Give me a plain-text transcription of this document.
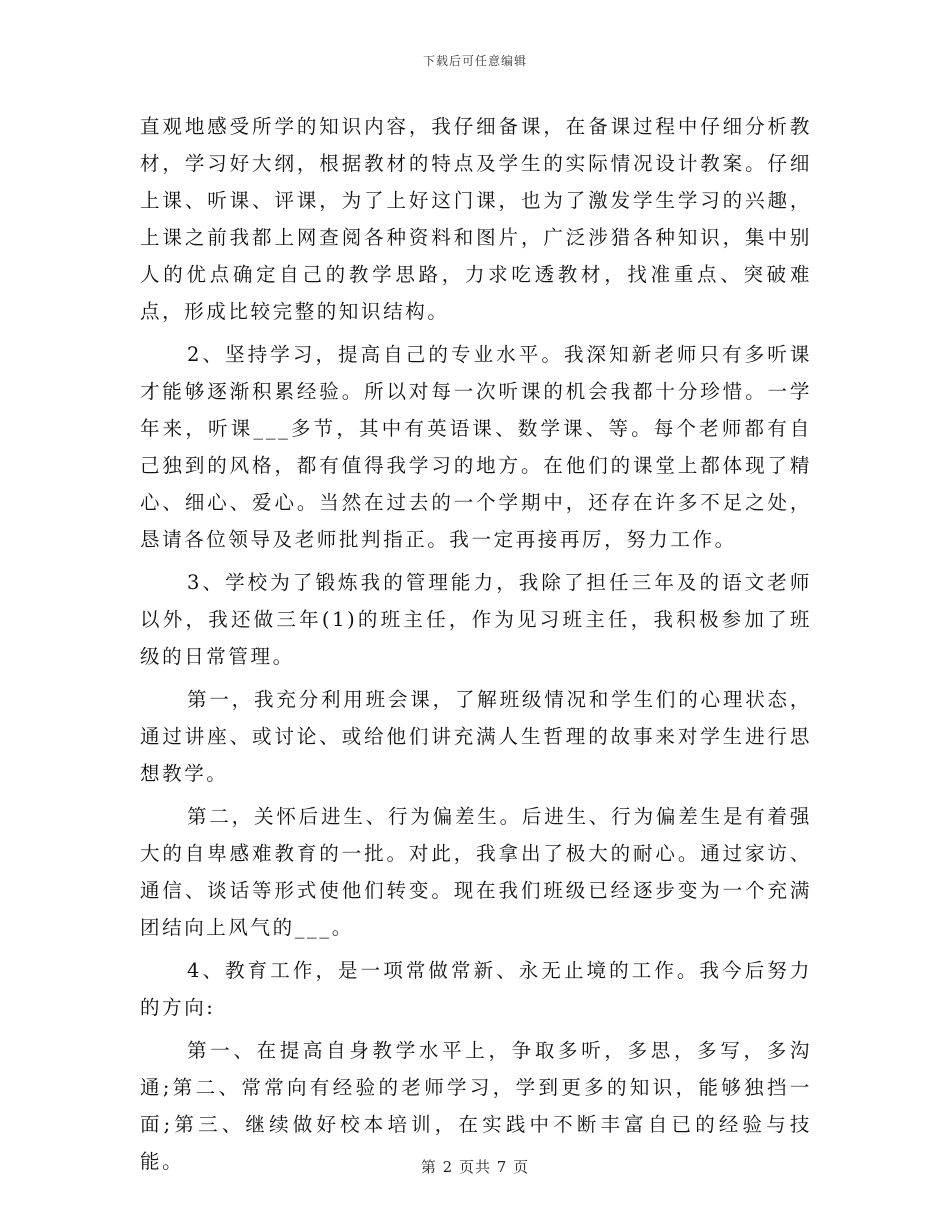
下载后可任意编辑

直观地感受所学的知识内容，我仔细备课，在备课过程中仔细分析教材，学习好大纲，根据教材的特点及学生的实际情况设计教案。仔细上课、听课、评课，为了上好这门课，也为了激发学生学习的兴趣，上课之前我都上网查阅各种资料和图片，广泛涉猎各种知识，集中别人的优点确定自己的教学思路，力求吃透教材，找准重点、突破难点，形成比较完整的知识结构。

2、坚持学习，提高自己的专业水平。我深知新老师只有多听课才能够逐渐积累经验。所以对每一次听课的机会我都十分珍惜。一学年来，听课___多节，其中有英语课、数学课、等。每个老师都有自己独到的风格，都有值得我学习的地方。在他们的课堂上都体现了精心、细心、爱心。当然在过去的一个学期中，还存在许多不足之处，恳请各位领导及老师批判指正。我一定再接再厉，努力工作。

3、学校为了锻炼我的管理能力，我除了担任三年及的语文老师以外，我还做三年(1)的班主任，作为见习班主任，我积极参加了班级的日常管理。

第一，我充分利用班会课，了解班级情况和学生们的心理状态，通过讲座、或讨论、或给他们讲充满人生哲理的故事来对学生进行思想教学。

第二，关怀后进生、行为偏差生。后进生、行为偏差生是有着强大的自卑感难教育的一批。对此，我拿出了极大的耐心。通过家访、通信、谈话等形式使他们转变。现在我们班级已经逐步变为一个充满团结向上风气的___。

4、教育工作，是一项常做常新、永无止境的工作。我今后努力的方向:

第一、在提高自身教学水平上，争取多听，多思，多写，多沟通;第二、常常向有经验的老师学习，学到更多的知识，能够独挡一面;第三、继续做好校本培训，在实践中不断丰富自已的经验与技能。	第 2 页共 7 页
